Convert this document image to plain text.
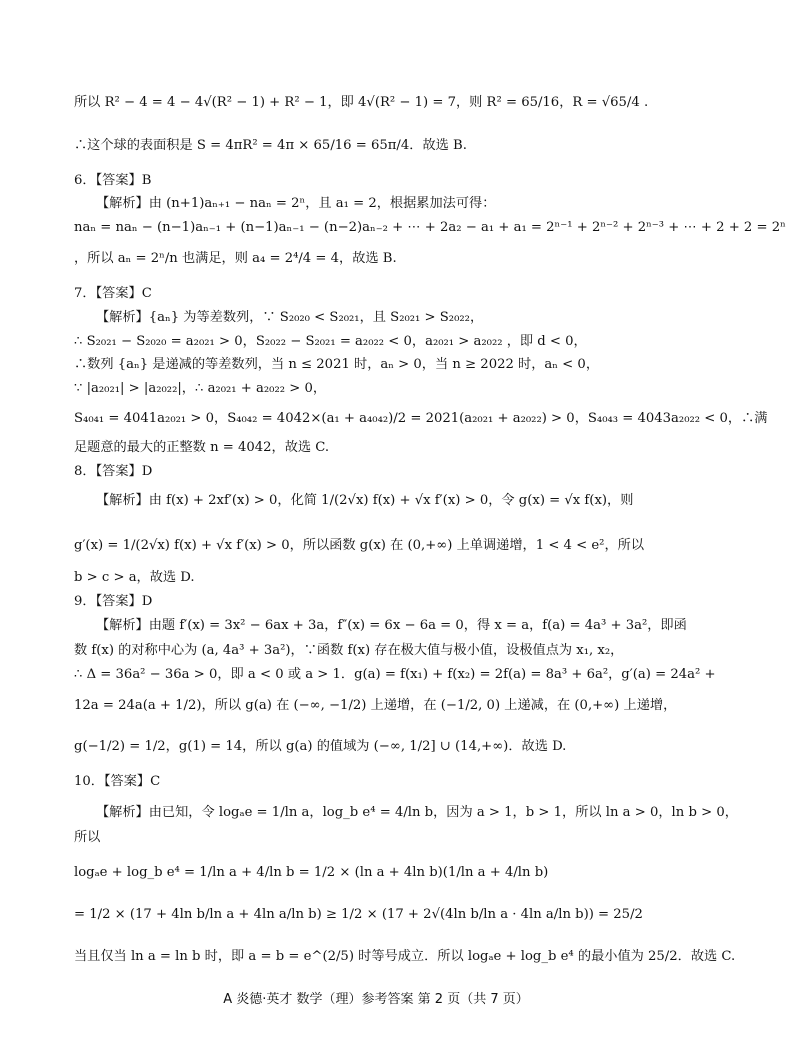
所以 R² − 4 = 4 − 4√(R² − 1) + R² − 1，即 4√(R² − 1) = 7，则 R² = 65/16，R = √65/4 .
∴这个球的表面积是 S = 4πR² = 4π × 65/16 = 65π/4．故选 B.
6．【答案】B
【解析】由 (n+1)aₙ₊₁ − naₙ = 2ⁿ，且 a₁ = 2，根据累加法可得：
naₙ = naₙ − (n−1)aₙ₋₁ + (n−1)aₙ₋₁ − (n−2)aₙ₋₂ + ⋯ + 2a₂ − a₁ + a₁ = 2ⁿ⁻¹ + 2ⁿ⁻² + 2ⁿ⁻³ + ⋯ + 2 + 2 = 2ⁿ
，所以 aₙ = 2ⁿ/n 也满足，则 a₄ = 2⁴/4 = 4，故选 B.
7．【答案】C
【解析】{aₙ} 为等差数列，∵ S₂₀₂₀ < S₂₀₂₁，且 S₂₀₂₁ > S₂₀₂₂，
∴ S₂₀₂₁ − S₂₀₂₀ = a₂₀₂₁ > 0，S₂₀₂₂ − S₂₀₂₁ = a₂₀₂₂ < 0，a₂₀₂₁ > a₂₀₂₂ ，即 d < 0，
∴数列 {aₙ} 是递减的等差数列，当 n ≤ 2021 时，aₙ > 0，当 n ≥ 2022 时，aₙ < 0，
∵ |a₂₀₂₁| > |a₂₀₂₂|，∴ a₂₀₂₁ + a₂₀₂₂ > 0，
S₄₀₄₁ = 4041a₂₀₂₁ > 0，S₄₀₄₂ = 4042×(a₁ + a₄₀₄₂)/2 = 2021(a₂₀₂₁ + a₂₀₂₂) > 0，S₄₀₄₃ = 4043a₂₀₂₂ < 0，∴满
足题意的最大的正整数 n = 4042，故选 C.
8．【答案】D
【解析】由 f(x) + 2xf′(x) > 0，化简 1/(2√x) f(x) + √x f′(x) > 0，令 g(x) = √x f(x)，则
g′(x) = 1/(2√x) f(x) + √x f′(x) > 0，所以函数 g(x) 在 (0,+∞) 上单调递增，1 < 4 < e²，所以
b > c > a，故选 D.
9．【答案】D
【解析】由题 f′(x) = 3x² − 6ax + 3a，f″(x) = 6x − 6a = 0，得 x = a，f(a) = 4a³ + 3a²，即函
数 f(x) 的对称中心为 (a, 4a³ + 3a²)，∵函数 f(x) 存在极大值与极小值，设极值点为 x₁, x₂，
∴ Δ = 36a² − 36a > 0，即 a < 0 或 a > 1．g(a) = f(x₁) + f(x₂) = 2f(a) = 8a³ + 6a²，g′(a) = 24a² +
12a = 24a(a + 1/2)，所以 g(a) 在 (−∞, −1/2) 上递增，在 (−1/2, 0) 上递减，在 (0,+∞) 上递增，
g(−1/2) = 1/2，g(1) = 14，所以 g(a) 的值域为 (−∞, 1/2] ∪ (14,+∞)．故选 D.
10．【答案】C
【解析】由已知，令 logₐe = 1/ln a，log_b e⁴ = 4/ln b，因为 a > 1，b > 1，所以 ln a > 0，ln b > 0，
所以
logₐe + log_b e⁴ = 1/ln a + 4/ln b = 1/2 × (ln a + 4ln b)(1/ln a + 4/ln b)
= 1/2 × (17 + 4ln b/ln a + 4ln a/ln b) ≥ 1/2 × (17 + 2√(4ln b/ln a · 4ln a/ln b)) = 25/2
当且仅当 ln a = ln b 时，即 a = b = e^(2/5) 时等号成立．所以 logₐe + log_b e⁴ 的最小值为 25/2．故选 C.
A 炎德·英才 数学（理）参考答案 第 2 页（共 7 页）
